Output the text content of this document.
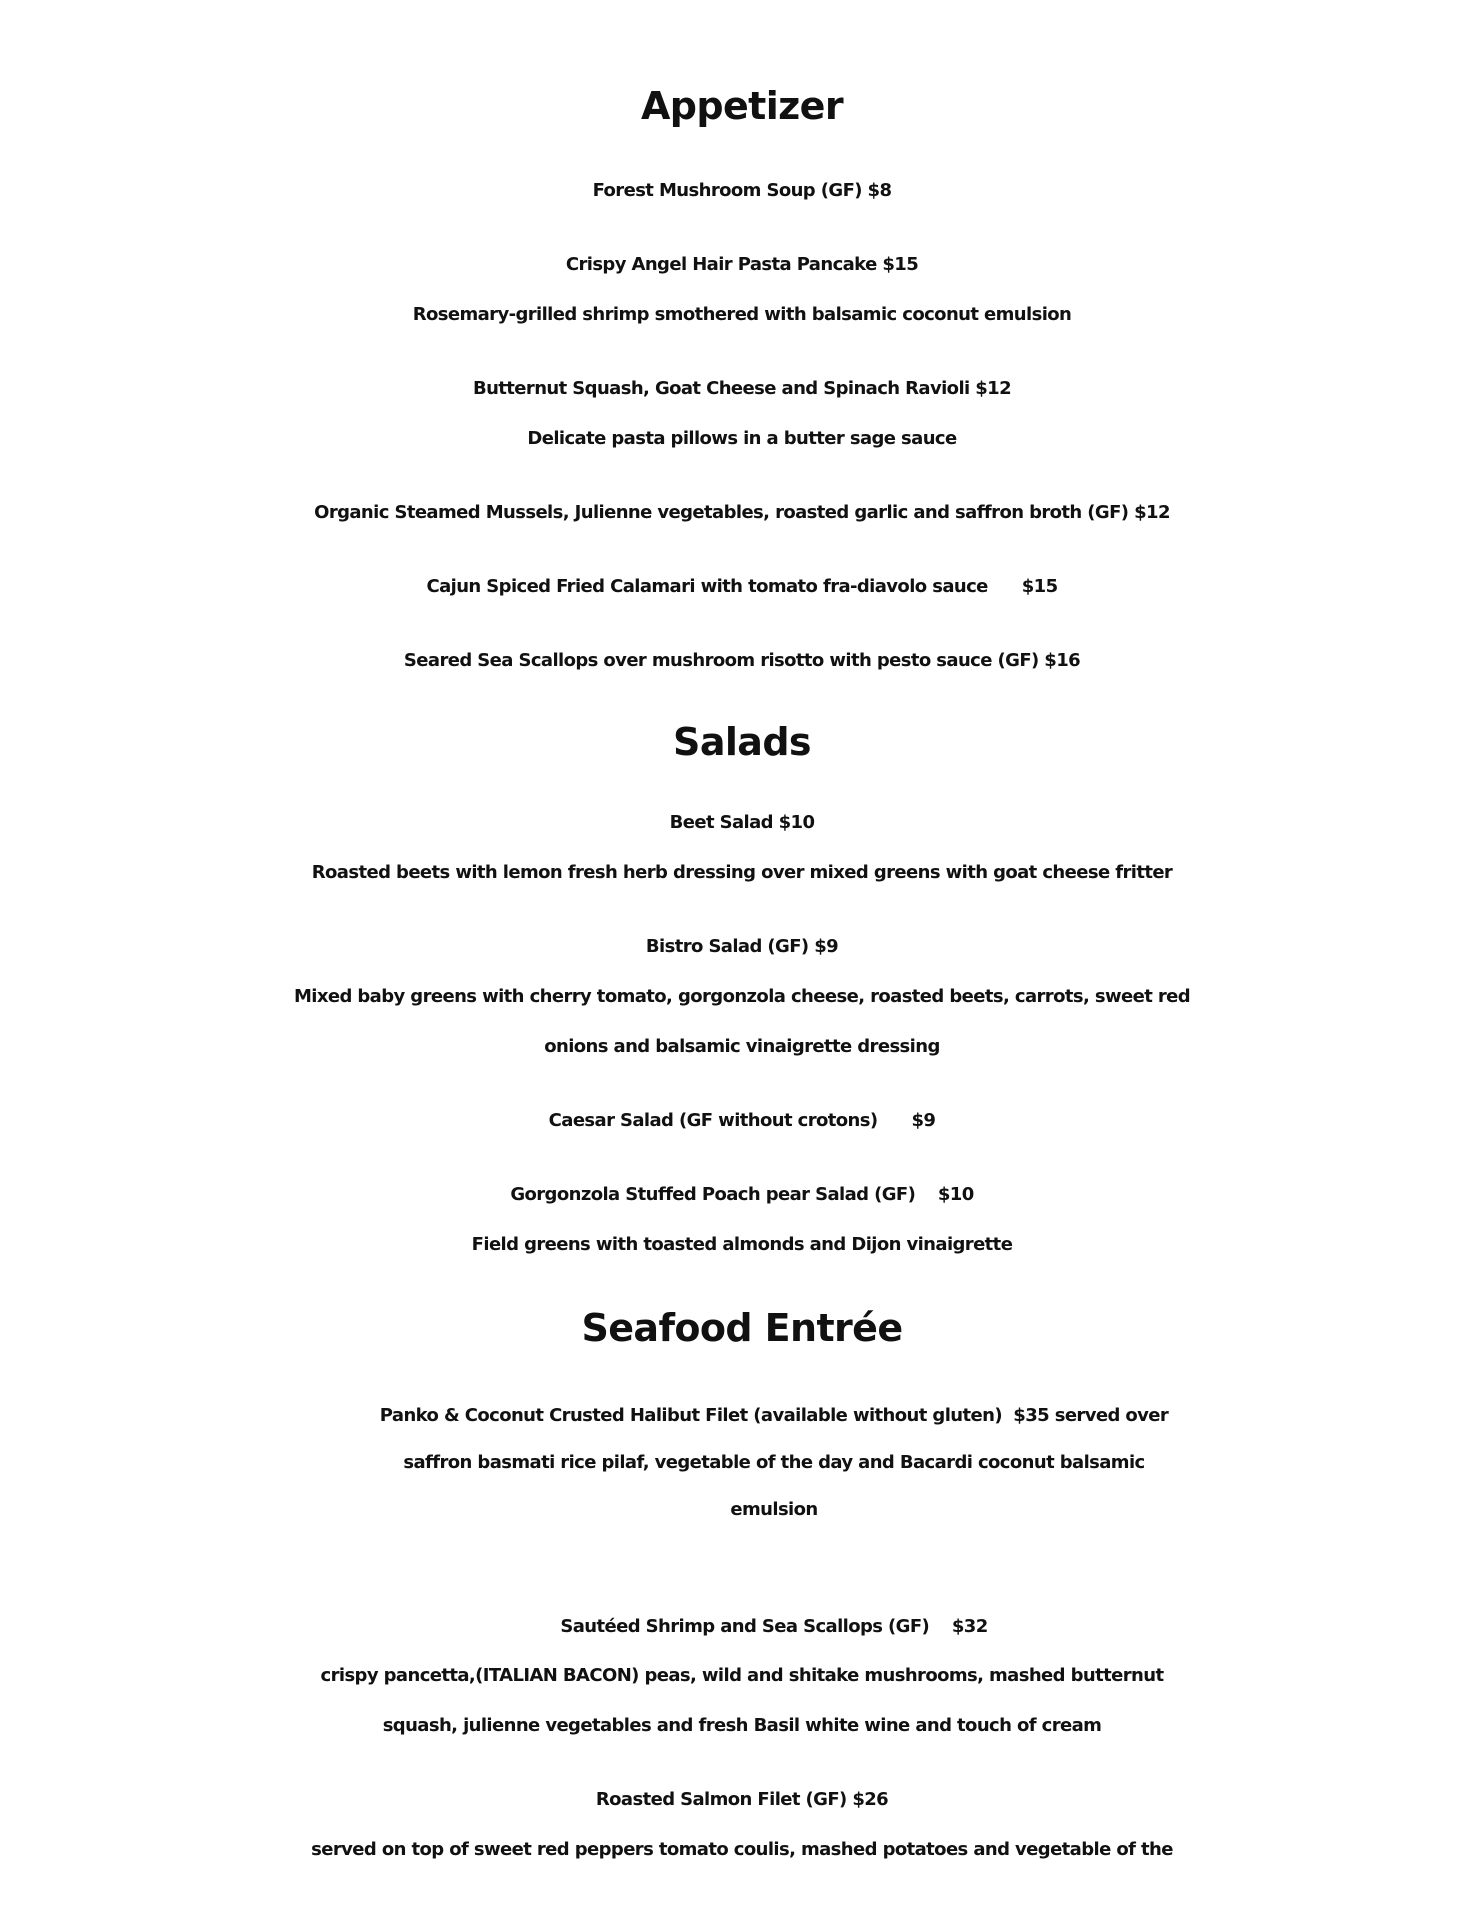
Appetizer

Forest Mushroom Soup (GF) $8

Crispy Angel Hair Pasta Pancake $15

Rosemary-grilled shrimp smothered with balsamic coconut emulsion

Butternut Squash, Goat Cheese and Spinach Ravioli $12

Delicate pasta pillows in a butter sage sauce

Organic Steamed Mussels, Julienne vegetables, roasted garlic and saffron broth (GF) $12

Cajun Spiced Fried Calamari with tomato fra-diavolo sauce      $15

Seared Sea Scallops over mushroom risotto with pesto sauce (GF) $16

Salads

Beet Salad $10

Roasted beets with lemon fresh herb dressing over mixed greens with goat cheese fritter

Bistro Salad (GF) $9

Mixed baby greens with cherry tomato, gorgonzola cheese, roasted beets, carrots, sweet red

onions and balsamic vinaigrette dressing

Caesar Salad (GF without crotons)      $9

Gorgonzola Stuffed Poach pear Salad (GF)    $10

Field greens with toasted almonds and Dijon vinaigrette

Seafood Entrée

Panko & Coconut Crusted Halibut Filet (available without gluten)  $35 served over

saffron basmati rice pilaf, vegetable of the day and Bacardi coconut balsamic

emulsion

Sautéed Shrimp and Sea Scallops (GF)    $32

crispy pancetta,(ITALIAN BACON) peas, wild and shitake mushrooms, mashed butternut

squash, julienne vegetables and fresh Basil white wine and touch of cream

Roasted Salmon Filet (GF) $26

served on top of sweet red peppers tomato coulis, mashed potatoes and vegetable of the
